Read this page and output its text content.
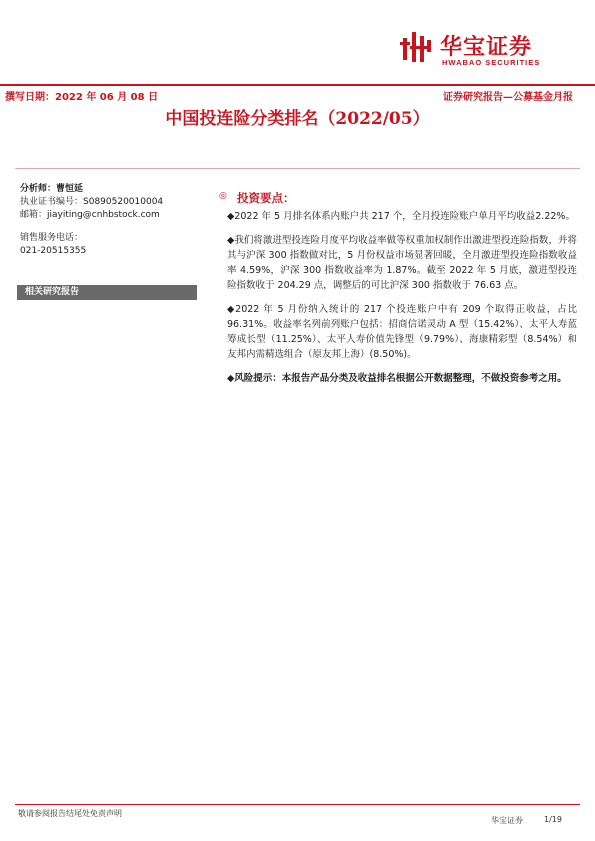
华宝证券
HWABAO SECURITIES
撰写日期：2022 年 06 月 08 日	证券研究报告—公募基金月报
中国投连险分类排名（2022/05）
分析师：曹恒延
执业证书编号：S0890520010004
邮箱：jiayiting@cnhbstock.com
销售服务电话：
021-20515355
相关研究报告
◎ 投资要点：

◆2022 年 5 月排名体系内账户共 217 个，全月投连险账户单月平均收益2.22%。

◆我们将激进型投连险月度平均收益率做等权重加权制作出激进型投连险指数，并将其与沪深 300 指数做对比，5 月份权益市场显著回暖，全月激进型投连险指数收益率 4.59%，沪深 300 指数收益率为 1.87%。截至 2022 年 5 月底，激进型投连险指数收于 204.29 点，调整后的可比沪深 300 指数收于 76.63 点。

◆2022 年 5 月份纳入统计的 217 个投连账户中有 209 个取得正收益，占比96.31%。收益率名列前列账户包括：招商信诺灵动 A 型（15.42%）、太平人寿蓝筹成长型（11.25%）、太平人寿价值先锋型（9.79%）、海康精彩型（8.54%）和友邦内需精选组合（原友邦上海）(8.50%)。

◆风险提示：本报告产品分类及收益排名根据公开数据整理，不做投资参考之用。

敬请参阅报告结尾处免责声明
华宝证券	1/19
